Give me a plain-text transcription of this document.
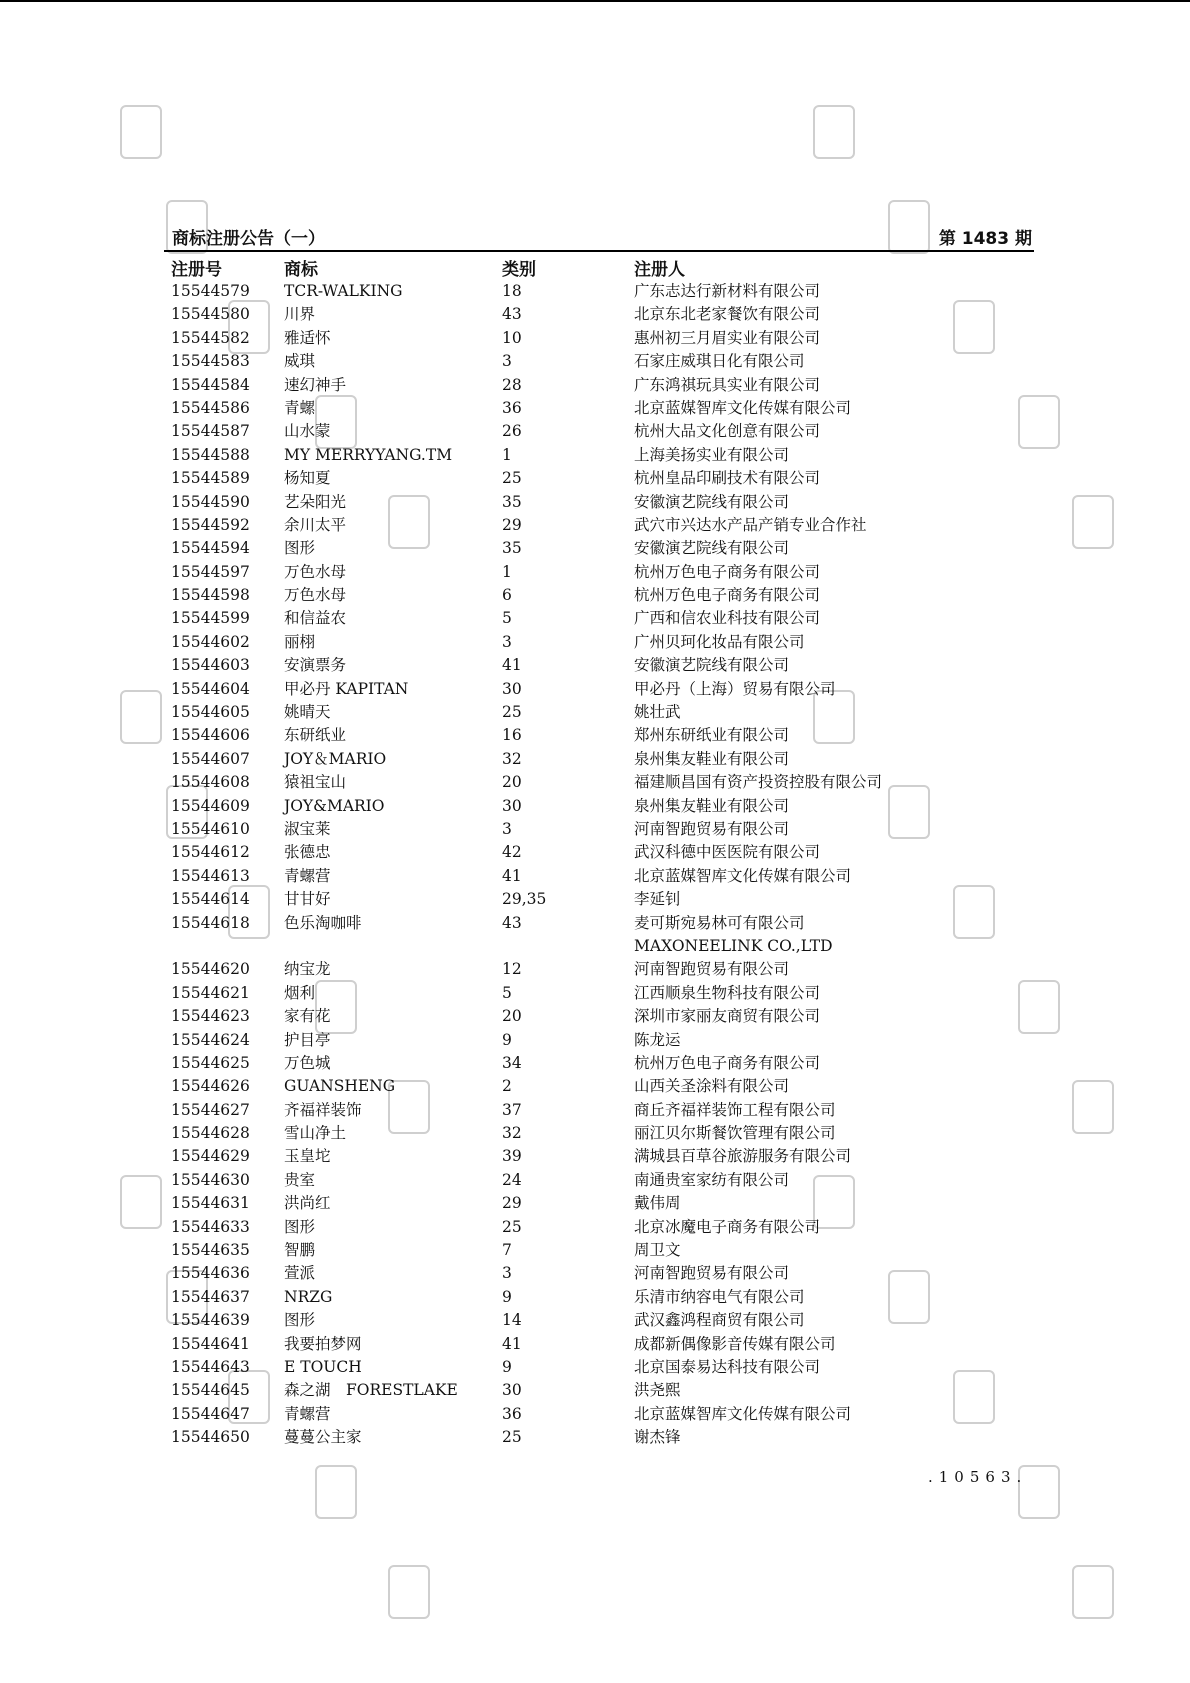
商标注册公告（一）	第 1483 期
注册号	商标	类别	注册人
15544579 TCR-WALKING	18	广东志达行新材料有限公司
15544580 川界	43	北京东北老家餐饮有限公司
15544582 雅适怀	10	惠州初三月眉实业有限公司
15544583 威琪	3	石家庄威琪日化有限公司
15544584 速幻神手	28	广东鸿祺玩具实业有限公司
15544586 青螺	36	北京蓝媒智库文化传媒有限公司
15544587 山水蒙	26	杭州大品文化创意有限公司
15544588 MY MERRYYANG.TM	1	上海美扬实业有限公司
15544589 杨知夏	25	杭州皇品印刷技术有限公司
15544590 艺朵阳光	35	安徽演艺院线有限公司
15544592 余川太平	29	武穴市兴达水产品产销专业合作社
15544594 图形	35	安徽演艺院线有限公司
15544597 万色水母	1	杭州万色电子商务有限公司
15544598 万色水母	6	杭州万色电子商务有限公司
15544599 和信益农	5	广西和信农业科技有限公司
15544602 丽栩	3	广州贝珂化妆品有限公司
15544603 安演票务	41	安徽演艺院线有限公司
15544604 甲必丹 KAPITAN	30	甲必丹（上海）贸易有限公司
15544605 姚晴天	25	姚壮武
15544606 东研纸业	16	郑州东研纸业有限公司
15544607 JOY＆MARIO	32	泉州集友鞋业有限公司
15544608 猿祖宝山	20	福建顺昌国有资产投资控股有限公司
15544609 JOY&MARIO	30	泉州集友鞋业有限公司
15544610 淑宝莱	3	河南智跑贸易有限公司
15544612 张德忠	42	武汉科德中医医院有限公司
15544613 青螺营	41	北京蓝媒智库文化传媒有限公司
15544614 甘甘好	29,35	李延钊
15544618 色乐淘咖啡	43	麦可斯宛易林可有限公司
MAXONEELINK CO.,LTD
15544620 纳宝龙	12	河南智跑贸易有限公司
15544621 烟利	5	江西顺泉生物科技有限公司
15544623 家有花	20	深圳市家丽友商贸有限公司
15544624 护目亭	9	陈龙运
15544625 万色城	34	杭州万色电子商务有限公司
15544626 GUANSHENG	2	山西关圣涂料有限公司
15544627 齐福祥装饰	37	商丘齐福祥装饰工程有限公司
15544628 雪山净土	32	丽江贝尔斯餐饮管理有限公司
15544629 玉皇坨	39	满城县百草谷旅游服务有限公司
15544630 贵室	24	南通贵室家纺有限公司
15544631 洪尚红	29	戴伟周
15544633 图形	25	北京冰魔电子商务有限公司
15544635 智鹏	7	周卫文
15544636 萱派	3	河南智跑贸易有限公司
15544637 NRZG	9	乐清市纳容电气有限公司
15544639 图形	14	武汉鑫鸿程商贸有限公司
15544641 我要拍梦网	41	成都新偶像影音传媒有限公司
15544643 E TOUCH	9	北京国泰易达科技有限公司
15544645 森之湖　FORESTLAKE	30	洪尧熙
15544647 青螺营	36	北京蓝媒智库文化传媒有限公司
15544650 蔓蔓公主家	25	谢杰锋
.10563.
